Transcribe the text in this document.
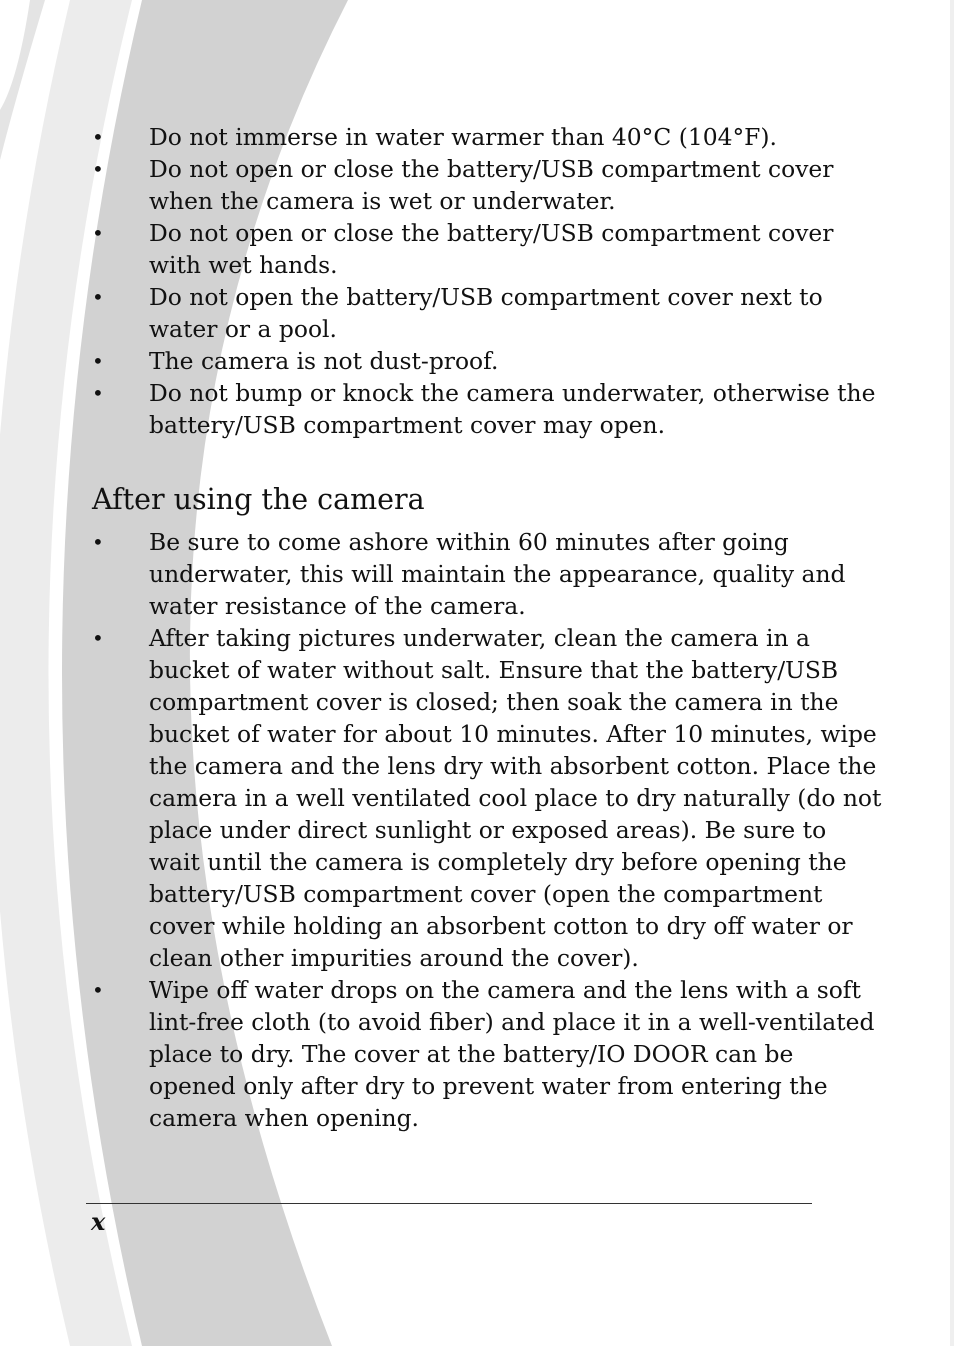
•	Do not immerse in water warmer than 40°C (104°F).
•	Do not open or close the battery/USB compartment cover when the camera is wet or underwater.
•	Do not open or close the battery/USB compartment cover with wet hands.
•	Do not open the battery/USB compartment cover next to water or a pool.
•	The camera is not dust-proof.
•	Do not bump or knock the camera underwater, otherwise the battery/USB compartment cover may open.
After using the camera
•	Be sure to come ashore within 60 minutes after going underwater, this will maintain the appearance, quality and water resistance of the camera.
•	After taking pictures underwater, clean the camera in a bucket of water without salt. Ensure that the battery/USB compartment cover is closed; then soak the camera in the bucket of water for about 10 minutes. After 10 minutes, wipe the camera and the lens dry with absorbent cotton. Place the camera in a well ventilated cool place to dry naturally (do not place under direct sunlight or exposed areas). Be sure to wait until the camera is completely dry before opening the battery/USB compartment cover (open the compartment cover while holding an absorbent cotton to dry off water or clean other impurities around the cover).
•	Wipe off water drops on the camera and the lens with a soft lint-free cloth (to avoid fiber) and place it in a well-ventilated place to dry. The cover at the battery/IO DOOR can be opened only after dry to prevent water from entering the camera when opening.
x
